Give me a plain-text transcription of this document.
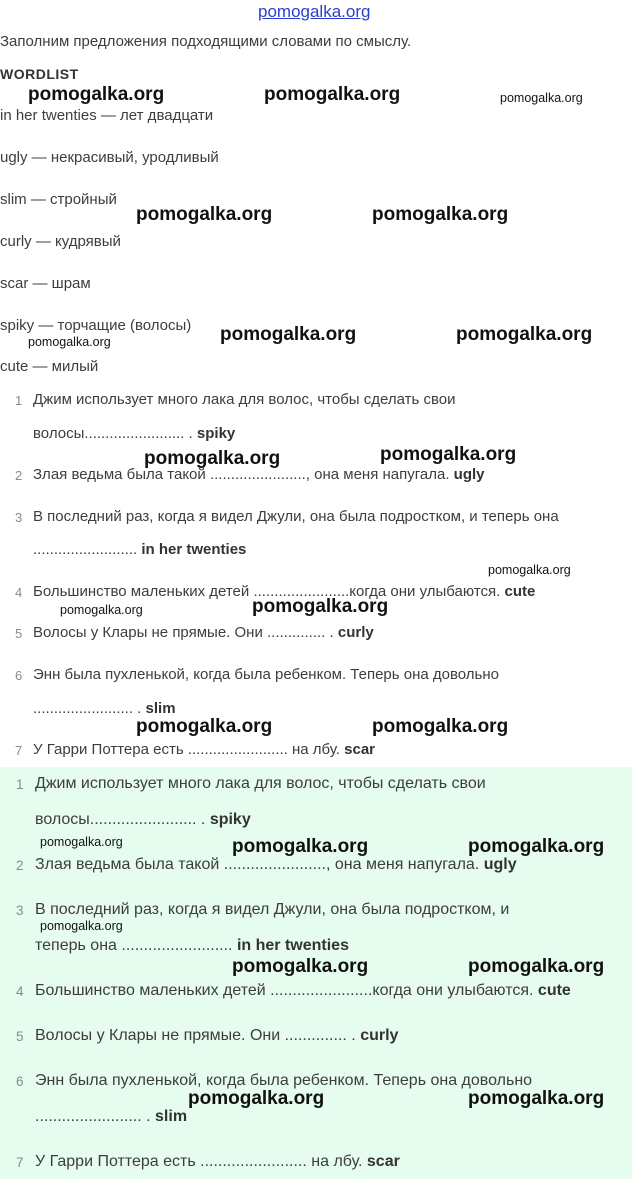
pomogalka.org
Заполним предложения подходящими словами по смыслу.
WORDLIST
in her twenties — лет двадцати
ugly — некрасивый, уродливый
slim — стройный
curly — кудрявый
scar — шрам
spiky — торчащие (волосы)
cute — милый
1 Джим использует много лака для волос, чтобы сделать свои
волосы........................ . spiky
2 Злая ведьма была такой ......................., она меня напугала. ugly
3 В последний раз, когда я видел Джули, она была подростком, и теперь она
......................... in her twenties
4 Большинство маленьких детей .......................когда они улыбаются. cute
5 Волосы у Клары не прямые. Они .............. . curly
6 Энн была пухленькой, когда была ребенком. Теперь она довольно
........................ . slim
7 У Гарри Поттера есть ........................ на лбу. scar
1 Джим использует много лака для волос, чтобы сделать свои
волосы........................ . spiky
2 Злая ведьма была такой ......................., она меня напугала. ugly
3 В последний раз, когда я видел Джули, она была подростком, и
теперь она ......................... in her twenties
4 Большинство маленьких детей .......................когда они улыбаются. cute
5 Волосы у Клары не прямые. Они .............. . curly
6 Энн была пухленькой, когда была ребенком. Теперь она довольно
........................ . slim
7 У Гарри Поттера есть ........................ на лбу. scar
pomogalka.org	pomogalka.org	pomogalka.org
pomogalka.org	pomogalka.org
pomogalka.org	pomogalka.org
pomogalka.org
pomogalka.org
pomogalka.org
pomogalka.org
pomogalka.org
pomogalka.org
pomogalka.org	pomogalka.org
pomogalka.org	pomogalka.org	pomogalka.org
pomogalka.org
pomogalka.org	pomogalka.org
pomogalka.org	pomogalka.org
